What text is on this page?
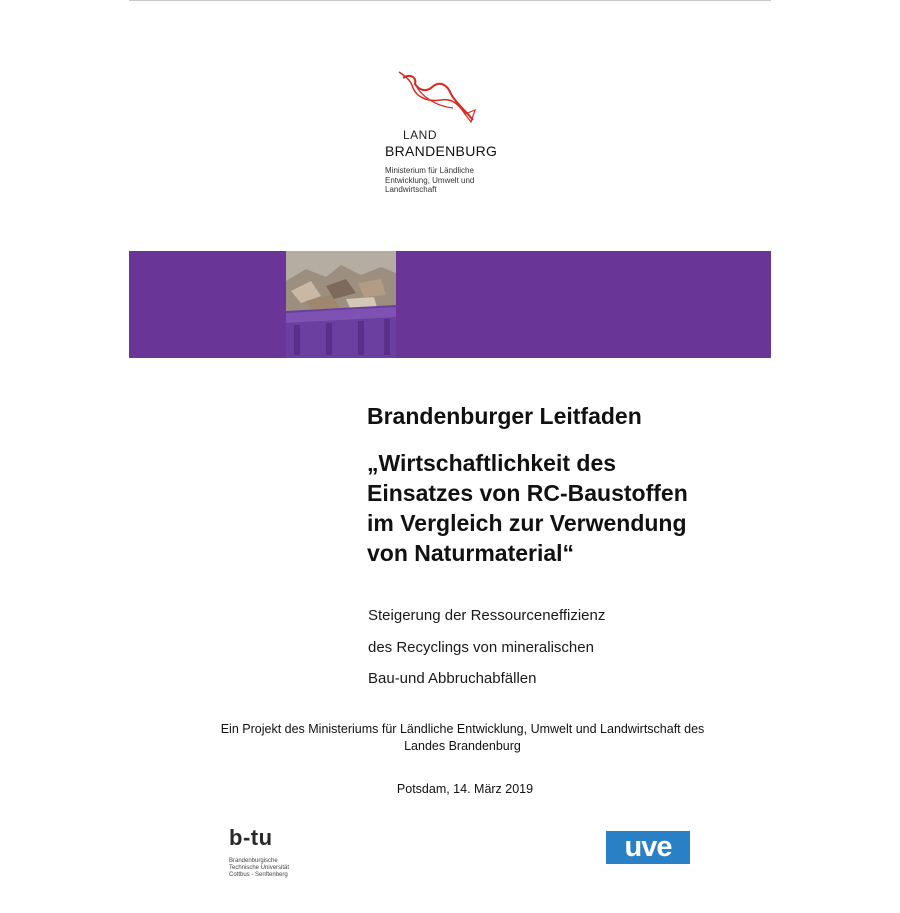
LAND
BRANDENBURG
Ministerium für Ländliche
Entwicklung, Umwelt und
Landwirtschaft
Brandenburger Leitfaden
„Wirtschaftlichkeit des
Einsatzes von RC-Baustoffen
im Vergleich zur Verwendung
von Naturmaterial“
Steigerung der Ressourceneffizienz
des Recyclings von mineralischen
Bau-und Abbruchabfällen
Ein Projekt des Ministeriums für Ländliche Entwicklung, Umwelt und Landwirtschaft des
Landes Brandenburg
Potsdam, 14. März 2019
b-tu
Brandenburgische
Technische Universität
Cottbus - Senftenberg
uve
